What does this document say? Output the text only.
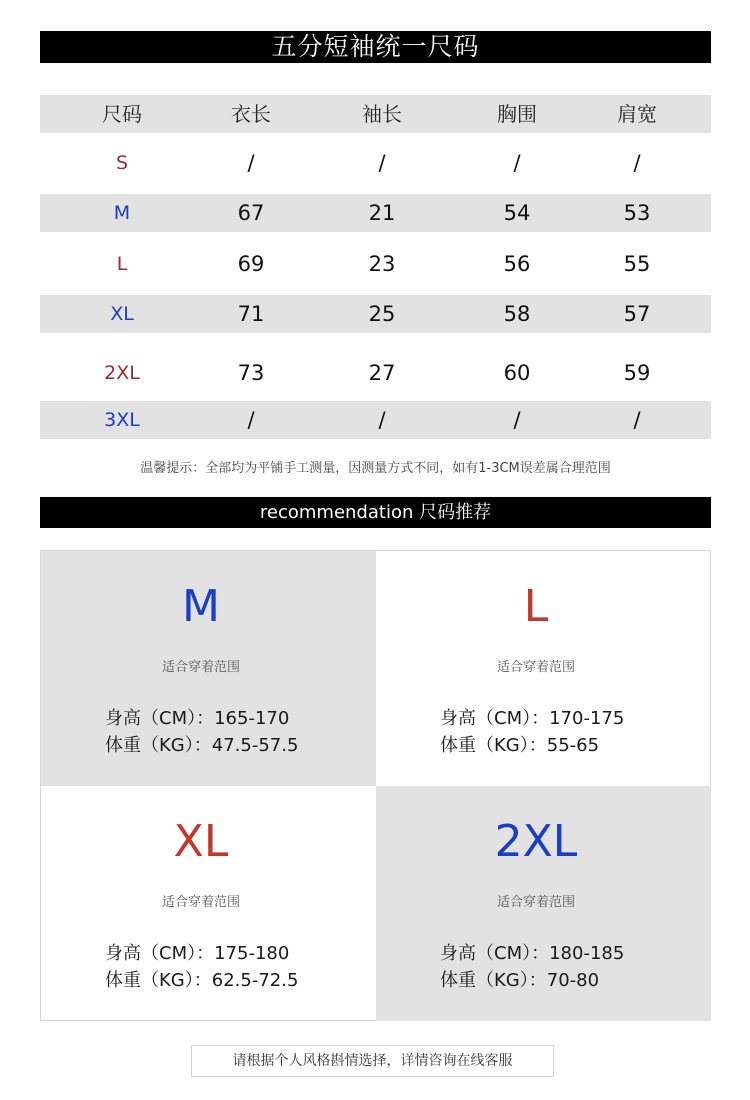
五分短袖统一尺码
尺码	衣长	袖长	胸围	肩宽
S	/	/	/	/
M	67	21	54	53
L	69	23	56	55
XL	71	25	58	57
2XL	73	27	60	59
3XL	/	/	/	/
温馨提示：全部均为平铺手工测量，因测量方式不同，如有1-3CM误差属合理范围
recommendation 尺码推荐
M
适合穿着范围
身高（CM）：165-170
体重（KG）：47.5-57.5
L
适合穿着范围
身高（CM）：170-175
体重（KG）：55-65
XL
适合穿着范围
身高（CM）：175-180
体重（KG）：62.5-72.5
2XL
适合穿着范围
身高（CM）：180-185
体重（KG）：70-80
请根据个人风格斟情选择，详情咨询在线客服
